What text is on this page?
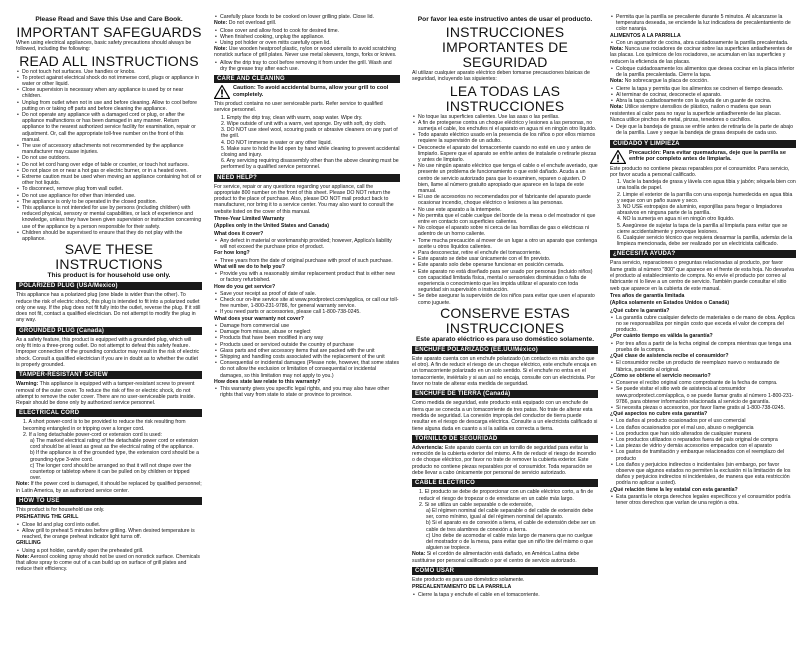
Please Read and Save this Use and Care Book.
IMPORTANT SAFEGUARDS

When using electrical appliances, basic safety precautions should always be followed, including the following:

READ ALL INSTRUCTIONS

• Do not touch hot surfaces. Use handles or knobs.

• To protect against electrical shock do not immerse cord, plugs or appliance in water or other liquid.

• Close supervision is necessary when any appliance is used by or near children.

• Unplug from outlet when not in use and before cleaning. Allow to cool before putting on or taking off parts and before cleaning the appliance.

• Do not operate any appliance with a damaged cord or plug, or after the appliance malfunctions or has been damaged in any manner. Return appliance to the nearest authorized service facility for examination, repair or adjustment. Or, call the appropriate toll-free number on the front of this manual.

• The use of accessory attachments not recommended by the appliance manufacturer may cause injuries.

• Do not use outdoors.

• Do not let cord hang over edge of table or counter, or touch hot surfaces.

• Do not place on or near a hot gas or electric burner, or in a heated oven.

• Extreme caution must be used when moving an appliance containing hot oil or other hot liquids.

• To disconnect, remove plug from wall outlet.

• Do not use appliance for other than intended use.

• The appliance is only to be operated in the closed position.

• This appliance is not intended for use by persons (including children) with reduced physical, sensory or mental capabilities, or lack of experience and knowledge, unless they have been given supervision or instruction concerning use of the appliance by a person responsible for their safety.

• Children should be supervised to ensure that they do not play with the appliance.

SAVE THESE INSTRUCTIONS
This product is for household use only.
POLARIZED PLUG (USA/Mexico)

This appliance has a polarized plug (one blade is wider than the other). To reduce the risk of electric shock, this plug is intended to fit into a polarized outlet only one way. If the plug does not fit fully into the outlet, reverse the plug. If it still does not fit, contact a qualified electrician. Do not attempt to modify the plug in any way.

GROUNDED PLUG (Canada)

As a safety feature, this product is equipped with a grounded plug, which will only fit into a three-prong outlet. Do not attempt to defeat this safety feature. Improper connection of the grounding conductor may result in the risk of electric shock. Consult a qualified electrician if you are in doubt as to whether the outlet is properly grounded.

TAMPER-RESISTANT SCREW

Warning: This appliance is equipped with a tamper-resistant screw to prevent removal of the outer cover. To reduce the risk of fire or electric shock, do not attempt to remove the outer cover. There are no user-serviceable parts inside. Repair should be done only by authorized service personnel.

ELECTRICAL CORD

1. A short power-cord is to be provided to reduce the risk resulting from becoming entangled in or tripping over a longer cord.

2. If a long detachable power-cord or extension cord is used:

a) The marked electrical rating of the detachable power cord or extension cord should be at least as great as the electrical rating of the appliance.

b) If the appliance is of the grounded type, the extension cord should be a grounding-type 3-wire cord.

c) The longer cord should be arranged so that it will not drape over the countertop or tabletop where it can be pulled on by children or tripped over.

Note: If the power cord is damaged, it should be replaced by qualified personnel; in Latin America, by an authorized service center.

HOW TO USE

This product is for household use only.

PREHEATING THE GRILL

• Close lid and plug cord into outlet.

• Allow grill to preheat 5 minutes before grilling. When desired temperature is reached, the orange preheat indicator light turns off.

GRILLING

• Using a pot holder, carefully open the preheated grill.

Note: Aerosol cooking spray should not be used on nonstick surface. Chemicals that allow spray to come out of a can build up on surface of grill plates and reduce their efficiency.

• Carefully place foods to be cooked on lower grilling plate. Close lid.

Note: Do not overload grill.

• Close cover and allow food to cook for desired time.

• When finished cooking, unplug the appliance.

• Using pot holder or oven mitts carefully open lid.

Note: Use wooden heatproof plastic, nylon or wood utensils to avoid scratching nonstick surface of grill plates. Never use metal skewers, tongs, forks or knives.

• Allow the drip tray to cool before removing it from under the grill. Wash and dry the grease tray after each use.

CARE AND CLEANING
Caution: To avoid accidental burns, allow your grill to cool completely.

This product contains no user serviceable parts. Refer service to qualified service personnel.

1. Empty the drip tray, clean with warm, soap water. Wipe dry.

2. Wipe outside of unit with a warm, wet sponge. Dry with soft, dry cloth.

3. DO NOT use steel wool, scouring pads or abrasive cleaners on any part of the grill.

4. DO NOT immerse in water or any other liquid.

5. Make sure to hold the lid open by hand while cleaning to prevent accidental closing and injury.

6. Any servicing requiring disassembly other than the above cleaning must be performed by a qualified service personnel.

NEED HELP?

For service, repair or any questions regarding your appliance, call the appropriate 800 number on the front of this sheet. Please DO NOT return the product to the place of purchase. Also, please DO NOT mail product back to manufacturer, nor bring it to a service center. You may also want to consult the website listed on the cover of this manual.

Three-Year Limited Warranty

(Applies only in the United States and Canada)

What does it cover?

• Any defect in material or workmanship provided; however, Applica's liability will not exceed the purchase price of product.

For how long?

• Three years from the date of original purchase with proof of such purchase.

What will we do to help you?

• Provide you with a reasonably similar replacement product that is either new or factory refurbished.

How do you get service?

• Save your receipt as proof of date of sale.

• Check our on-line service site at www.prodprotect.com/applica, or call our toll-free number, 1-800-231-9786, for general warranty service.

• If you need parts or accessories, please call 1-800-738-0245.

What does your warranty not cover?

• Damage from commercial use

• Damage from misuse, abuse or neglect

• Products that have been modified in any way

• Products used or serviced outside the country of purchase

• Glass parts and other accessory items that are packed with the unit

• Shipping and handling costs associated with the replacement of the unit

• Consequential or incidental damages (Please note, however, that some states do not allow the exclusion or limitation of consequential or incidental damages, so this limitation may not apply to you.)

How does state law relate to this warranty?

• This warranty gives you specific legal rights, and you may also have other rights that vary from state to state or province to province.

Por favor lea este instructivo antes de usar el producto.
INSTRUCCIONES IMPORTANTES DE SEGURIDAD

Al utilizar cualquier aparato eléctrico deben tomarse precauciones básicas de seguridad, incluyendo las siguientes:

LEA TODAS LAS INSTRUCCIONES

• No toque las superficies calientes. Use las asas o las perillas.

• A fin de protegerse contra un choque eléctrico y lesiones a las personas, no sumerja el cable, los enchufes ni el aparato en agua ni en ningún otro líquido.

• Todo aparato eléctrico usado en la presencia de los niños o por ellos mismos requiere la supervisión de un adulto.

• Desconecte el aparato del tomacorriente cuando no esté en uso y antes de limpiarlo. Espere que el aparato se enfríe antes de instalarle o retirarle piezas y antes de limpiarlo.

• No use ningún aparato eléctrico que tenga el cable o el enchufe averiado, que presente un problema de funcionamiento o que esté dañado. Acuda a un centro de servicio autorizado para que lo examinen, reparen o ajusten. O bien, llame al número gratuito apropiado que aparece en la tapa de este manual.

• El uso de accesorios no recomendados por el fabricante del aparato puede ocasionar incendio, choque eléctrico o lesiones a las personas.

• No use este aparato a la intemperie.

• No permita que el cable cuelgue del borde de la mesa o del mostrador ni que entre en contacto con superficies calientes.

• No coloque el aparato sobre ni cerca de las hornillas de gas o eléctricas ni adentro de un horno caliente.

• Tome mucha precaución al mover de un lugar a otro un aparato que contenga aceite u otros líquidos calientes.

• Para desconectar, retire el enchufe del tomacorriente.

• Este aparato se debe usar únicamente con el fin previsto.

• Este aparato solo debe operarse funcionar en posición cerrada.

• Este aparato no está diseñado para ser usado por personas (incluido niños) con capacidad limitada física, mental o sensoriales disminuidas o falta de experiencia o conocimiento que les impida utilizar el aparato con toda seguridad sin supervisión o instrucción.

• Se debe asegurar la supervisión de los niños para evitar que usen el aparato como juguete.

CONSERVE ESTAS INSTRUCCIONES
Este aparato eléctrico es para uso doméstico solamente.
ENCHUFE POLARIZADO (EE.UU/México)

Este aparato cuenta con un enchufe polarizado (un contacto es más ancho que el otro). A fin de reducir el riesgo de un choque eléctrico, este enchufe encaja en un tomacorriente polarizado en un solo sentido. Si el enchufe no entra en el tomacorriente, inviértalo y si aun así no encaja, consulte con un electricista. Por favor no trate de alterar esta medida de seguridad.

ENCHUFE DE TIERRA (Canadá)

Como medida de seguridad, este producto está equipado con un enchufe de tierra que se conecta a un tomacorriente de tres patas. No trate de alterar esta medida de seguridad. La conexión impropia del conductor de tierra puede resultar en el riesgo de descarga eléctrica. Consulte a un electricista calificado si tiene alguna duda en cuanto a si la salida es correcta a tierra.

TORNILLO DE SEGURIDAD

Advertencia: Este aparato cuenta con un tornillo de seguridad para evitar la remoción de la cubierta exterior del mismo. A fin de reducir el riesgo de incendio o de choque eléctrico, por favor no trate de remover la cubierta exterior. Este producto no contiene piezas reparables por el consumidor. Toda reparación se debe llevar a cabo únicamente por personal de servicio autorizado.

CABLE ELÉCTRICO

1. El producto se debe de proporcionar con un cable eléctrico corto, a fin de reducir el riesgo de tropezar o de enredarse en un cable más largo.

2. Si se utiliza un cable separable o de extensión,

a) El régimen nominal del cable separable o del cable de extensión debe ser, como mínimo, igual al del régimen nominal del aparato.

b) Si el aparato es de conexión a tierra, el cable de extensión debe ser un cable de tres alambres de conexión a tierra.

c) Uno debe de acomodar el cable más largo de manera que no cuelgue del mostrador o de la mesa, para evitar que un niño tire del mismo o que alguien se tropiece.

Nota: Si el cordón de alimentación está dañado, en América Latina debe sustituirse por personal calificado o por el centro de servicio autorizado.

COMO USAR

Este producto es para uso doméstico solamente.

PRECALENTAMIENTO DE LA PARRILLA

• Cierre la tapa y enchufe el cable en el tomacorriente.

• Permita que la parrilla se precaliente durante 5 minutos. Al alcanzarse la temperatura deseada, se enciende la luz indicadora de precalentamiento de color naranja.

ALIMENTOS A LA PARRILLA

• Con un agarrador de cocina, abra cuidadosamente la parrilla precalentada.

Nota: Nunca use rociadores de cocinar sobre las superficies antiadherentes de las placas. Los químicos de los rociadores, se acumulan en las superficies y reducen la eficiencia de las placas.

• Coloque cuidadosamente los alimentos que desea cocinar en la placa inferior de la parrilla precalentada. Cierre la tapa.

Nota: No sobrecargue la placa de cocción.

• Cierre la tapa y permita que los alimentos se cocinen el tiempo deseado.

• Al terminar de cocinar, desconecte el aparato.

• Abra la tapa cuidadosamente con la ayuda de un guante de cocina.

Nota: Utilice siempre utensilios de plástico, nailon o madera que sean resistentes al calor para no rayar la superficie antiadherente de las placas. Nunca utilice pinchos de metal, pinzas, tenedores o cuchillos.

• Deje que la bandeja de grasa se enfríe antes de retirarla de la parte de abajo de la parrilla. Lave y seque la bandeja de grasa después de cada uso.

CUIDADO Y LIMPIEZA
Precaución: Para evitar quemaduras, deje que la parrilla se enfríe por completo antes de limpiarla.

Este producto no contiene piezas reparables por el consumidor. Para servicio, por favor acuda a personal calificado.

1. Vacíe la bandeja de grasa y lávela con agua tibia y jabón; séquela bien con una toalla de papel.

2. Limpie el exterior de la parrilla con una esponja humedecida en agua tibia y seque con un paño suave y seco.

3. NO USE estropajos de aluminio, esponjillas para fregar o limpiadores abrasivos en ninguna parte de la parrilla.

4. NO la sumerja en agua ni en ningún otro líquido.

5. Asegúrese de sujetar la tapa de la parrilla al limpiarla para evitar que se cierre accidentalmente y provoque lesiones.

6. Cualquier servicio técnico que requiera desarmar la parrilla, además de la limpieza mencionada, debe ser realizado por un electricista calificado.

¿NECESITA AYUDA?

Para servicio, reparaciones o preguntas relacionadas al producto, por favor llame gratis al número "800" que aparece en el frente de esta hoja. No devuelva el producto al establecimiento de compra. No envíe el producto por correo al fabricante ni lo lleve a un centro de servicio. También puede consultar el sitio web que aparece en la cubierta de este manual.

Tres años de garantía limitada

(Aplica solamente en Estados Unidos o Canadá)

¿Qué cubre la garantía?

• La garantía cubre cualquier defecto de materiales o de mano de obra. Applica no se responsabiliza por ningún costo que exceda el valor de compra del producto.

¿Por cuánto tiempo es válida la garantía?

• Por tres años a partir de la fecha original de compra mientras que tenga una prueba de la compra.

¿Qué clase de asistencia recibe el consumidor?

• El consumidor recibe un producto de reemplazo nuevo o restaurado de fábrica, parecido al original.

¿Cómo se obtiene el servicio necesario?

• Conserve el recibo original como comprobante de la fecha de compra.

• Se puede visitar el sitio web de asistencia al consumidor www.prodprotect.com/applica, o se puede llamar gratis al número 1-800-231-9786, para obtener información relacionada al servicio de garantía.

• Si necesita piezas o accesorios, por favor llame gratis al 1-800-738-0245.

¿Qué aspectos no cubre esta garantía?

• Los daños al producto ocasionados por el uso comercial

• Los daños ocasionados por el mal uso, abuso o negligencia

• Los productos que han sido alterados de cualquier manera

• Los productos utilizados o reparados fuera del país original de compra

• Las piezas de vidrio y demás accesorios empacados con el aparato

• Los gastos de tramitación y embarque relacionados con el reemplazo del producto

• Los daños y perjuicios indirectos o incidentales (sin embargo, por favor observe que algunos estados no permiten la exclusión ni la limitación de los daños y perjuicios indirectos ni incidentales, de manera que esta restricción podría no aplicar a usted).

¿Qué relación tiene la ley estatal con esta garantía?

• Esta garantía le otorga derechos legales específicos y el consumidor podría tener otros derechos que varían de una región a otra.
